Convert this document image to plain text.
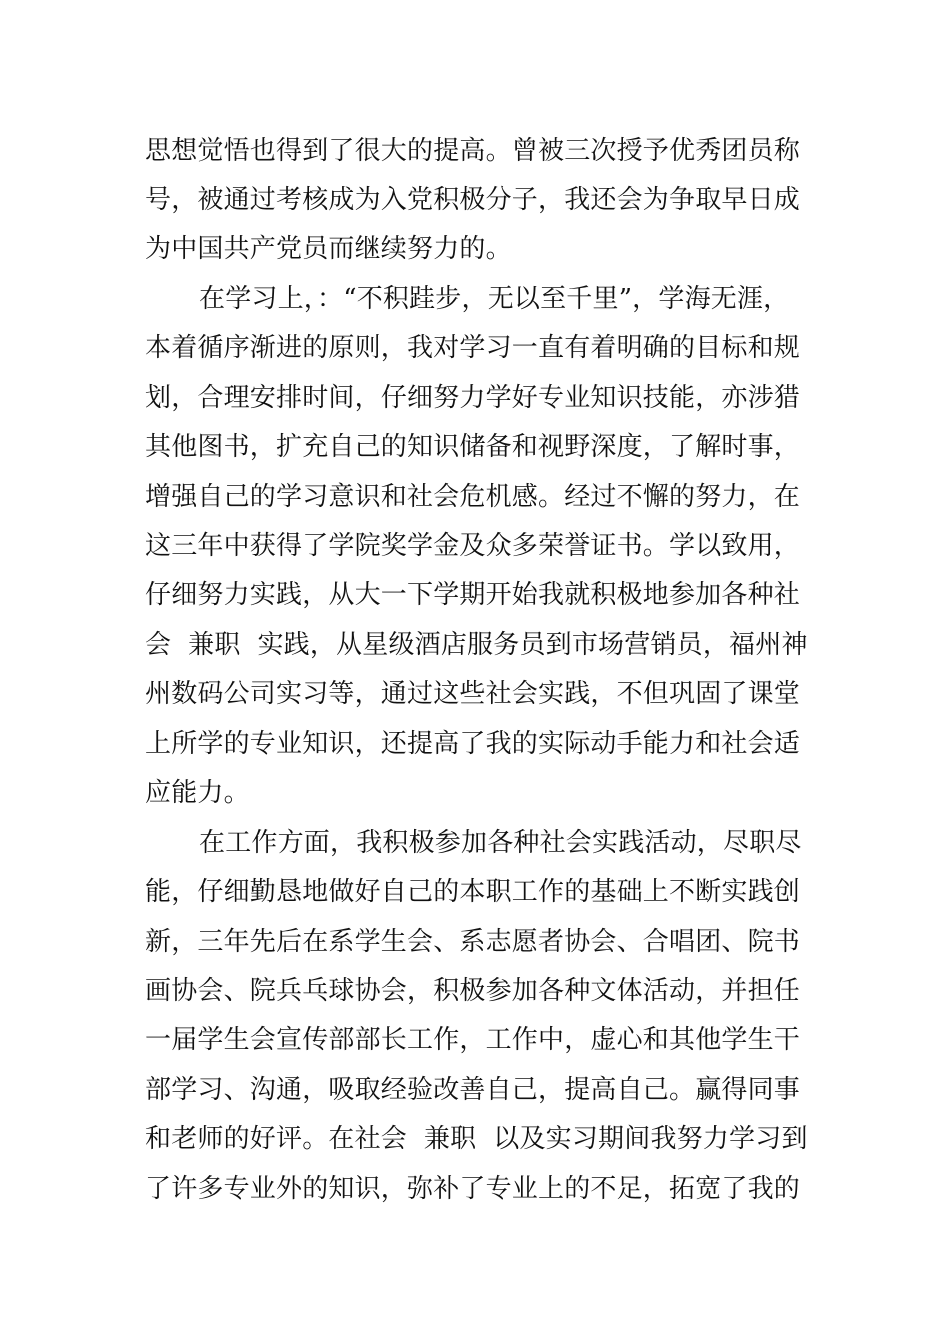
思想觉悟也得到了很大的提高。曾被三次授予优秀团员称
号，被通过考核成为入党积极分子，我还会为争取早日成
为中国共产党员而继续努力的。
在学习上，：“不积跬步，无以至千里”，学海无涯，
本着循序渐进的原则，我对学习一直有着明确的目标和规
划，合理安排时间，仔细努力学好专业知识技能，亦涉猎
其他图书，扩充自己的知识储备和视野深度，了解时事，
增强自己的学习意识和社会危机感。经过不懈的努力，在
这三年中获得了学院奖学金及众多荣誉证书。学以致用，
仔细努力实践，从大一下学期开始我就积极地参加各种社
会  兼职  实践，从星级酒店服务员到市场营销员，福州神
州数码公司实习等，通过这些社会实践，不但巩固了课堂
上所学的专业知识，还提高了我的实际动手能力和社会适
应能力。
在工作方面，我积极参加各种社会实践活动，尽职尽
能，仔细勤恳地做好自己的本职工作的基础上不断实践创
新，三年先后在系学生会、系志愿者协会、合唱团、院书
画协会、院兵乓球协会，积极参加各种文体活动，并担任
一届学生会宣传部部长工作，工作中，虚心和其他学生干
部学习、沟通，吸取经验改善自己，提高自己。赢得同事
和老师的好评。在社会  兼职  以及实习期间我努力学习到
了许多专业外的知识，弥补了专业上的不足，拓宽了我的
